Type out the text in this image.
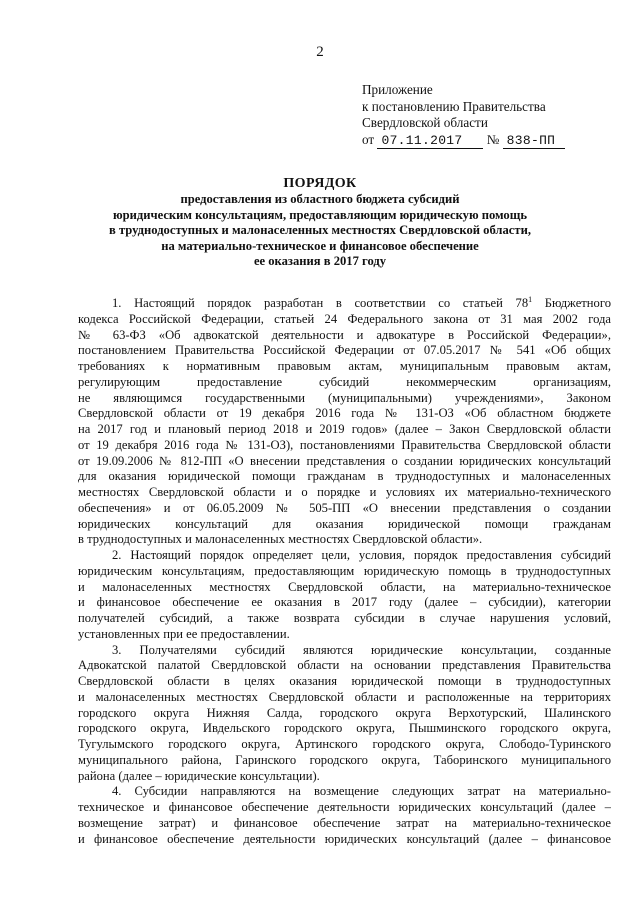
2
Приложение
к постановлению Правительства
Свердловской области
от 07.11.2017 № 838-ПП
ПОРЯДОК
предоставления из областного бюджета субсидий
юридическим консультациям, предоставляющим юридическую помощь
в труднодоступных и малонаселенных местностях Свердловской области,
на материально-техническое и финансовое обеспечение
ее оказания в 2017 году
1. Настоящий порядок разработан в соответствии со статьей $78^1$ Бюджетного
кодекса Российской Федерации, статьей 24 Федерального закона от 31 мая 2002 года
№ 63-ФЗ «Об адвокатской деятельности и адвокатуре в Российской Федерации»,
постановлением Правительства Российской Федерации от 07.05.2017 № 541 «Об общих
требованиях к нормативным правовым актам, муниципальным правовым актам,
регулирующим предоставление субсидий некоммерческим организациям,
не являющимся государственными (муниципальными) учреждениями», Законом
Свердловской области от 19 декабря 2016 года № 131-ОЗ «Об областном бюджете
на 2017 год и плановый период 2018 и 2019 годов» (далее – Закон Свердловской области
от 19 декабря 2016 года № 131-ОЗ), постановлениями Правительства Свердловской области
от 19.09.2006 № 812-ПП «О внесении представления о создании юридических консультаций
для оказания юридической помощи гражданам в труднодоступных и малонаселенных
местностях Свердловской области и о порядке и условиях их материально-технического
обеспечения» и от 06.05.2009 № 505-ПП «О внесении представления о создании
юридических консультаций для оказания юридической помощи гражданам
в труднодоступных и малонаселенных местностях Свердловской области».
2. Настоящий порядок определяет цели, условия, порядок предоставления субсидий
юридическим консультациям, предоставляющим юридическую помощь в труднодоступных
и малонаселенных местностях Свердловской области, на материально-техническое
и финансовое обеспечение ее оказания в 2017 году (далее – субсидии), категории
получателей субсидий, а также возврата субсидии в случае нарушения условий,
установленных при ее предоставлении.
3. Получателями субсидий являются юридические консультации, созданные
Адвокатской палатой Свердловской области на основании представления Правительства
Свердловской области в целях оказания юридической помощи в труднодоступных
и малонаселенных местностях Свердловской области и расположенные на территориях
городского округа Нижняя Салда, городского округа Верхотурский, Шалинского
городского округа, Ивдельского городского округа, Пышминского городского округа,
Тугулымского городского округа, Артинского городского округа, Слободо-Туринского
муниципального района, Гаринского городского округа, Таборинского муниципального
района (далее – юридические консультации).
4. Субсидии направляются на возмещение следующих затрат на материально-
техническое и финансовое обеспечение деятельности юридических консультаций (далее –
возмещение затрат) и финансовое обеспечение затрат на материально-техническое
и финансовое обеспечение деятельности юридических консультаций (далее – финансовое
